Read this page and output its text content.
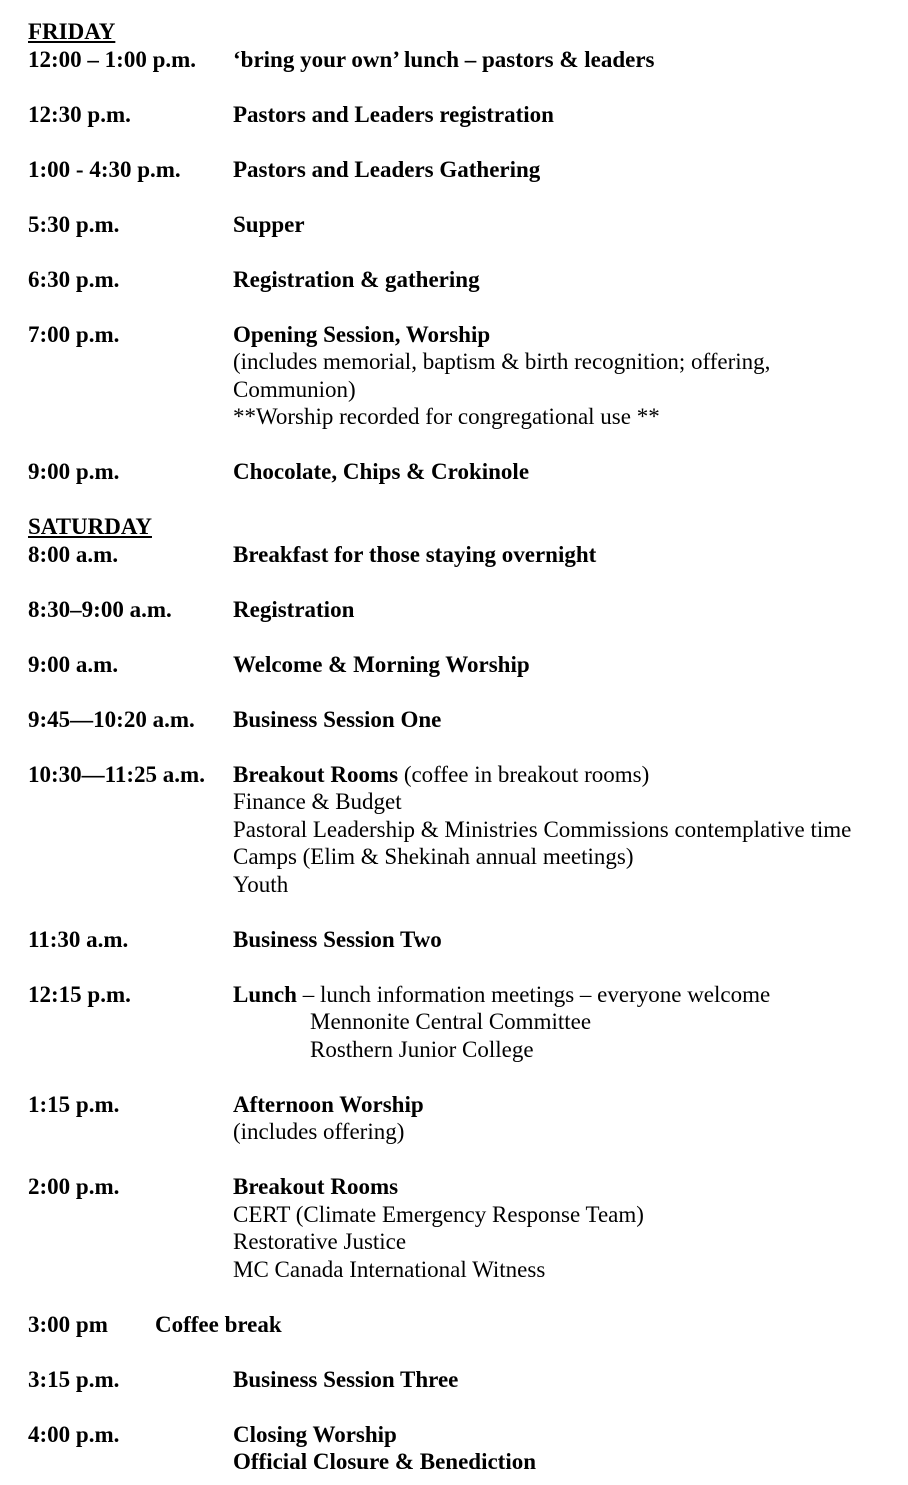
FRIDAY
12:00 – 1:00 p.m.	‘bring your own’ lunch – pastors & leaders
12:30 p.m.	Pastors and Leaders registration
1:00 - 4:30 p.m.	Pastors and Leaders Gathering
5:30 p.m.	Supper
6:30 p.m.	Registration & gathering
7:00 p.m.	Opening Session, Worship
(includes memorial, baptism & birth recognition; offering,
Communion)
**Worship recorded for congregational use **
9:00 p.m.	Chocolate, Chips & Crokinole
SATURDAY
8:00 a.m.	Breakfast for those staying overnight
8:30–9:00 a.m.	Registration
9:00 a.m.	Welcome & Morning Worship
9:45—10:20 a.m.	Business Session One
10:30—11:25 a.m.	Breakout Rooms (coffee in breakout rooms)
Finance & Budget
Pastoral Leadership & Ministries Commissions contemplative time
Camps (Elim & Shekinah annual meetings)
Youth
11:30 a.m.	Business Session Two
12:15 p.m.	Lunch – lunch information meetings – everyone welcome
Mennonite Central Committee
Rosthern Junior College
1:15 p.m.	Afternoon Worship
(includes offering)
2:00 p.m.	Breakout Rooms
CERT (Climate Emergency Response Team)
Restorative Justice
MC Canada International Witness
3:00 pm	Coffee break
3:15 p.m.	Business Session Three
4:00 p.m.	Closing Worship
Official Closure & Benediction
